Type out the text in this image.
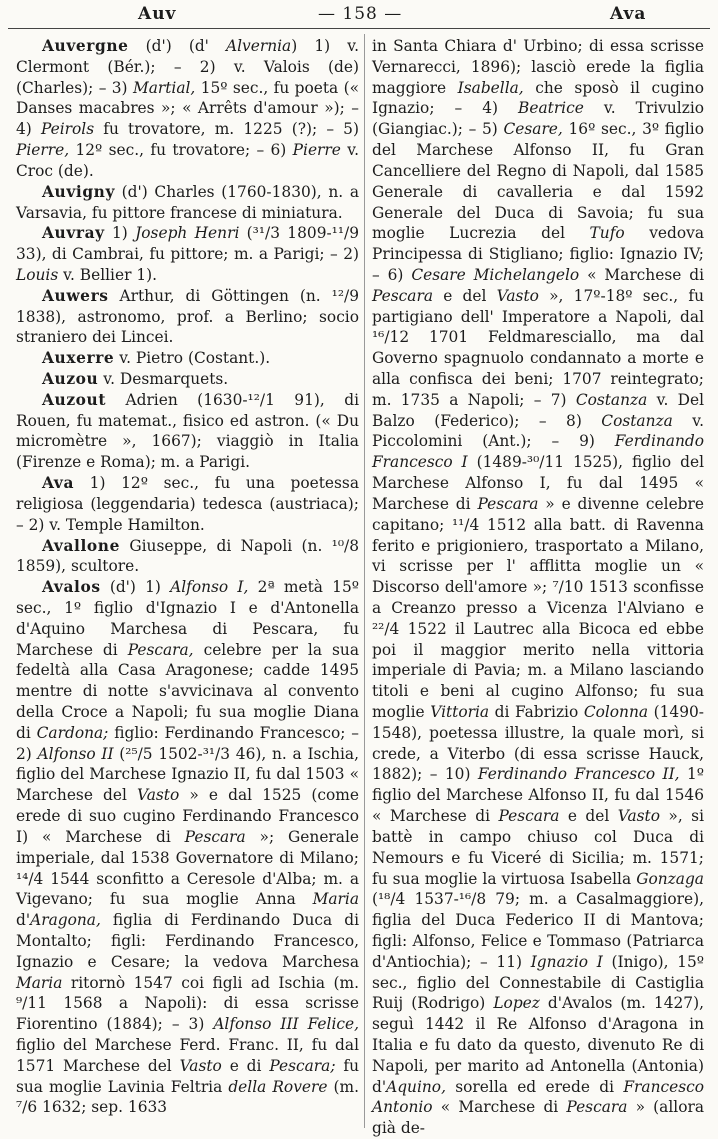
Auv	— 158 —	Ava

Auvergne (d') (d' Alvernia) 1) v. Clermont (Bér.); – 2) v. Valois (de) (Charles); – 3) Martial, 15º sec., fu poeta (« Danses macabres »; « Arrêts d'amour »); – 4) Peirols fu trovatore, m. 1225 (?); – 5) Pierre, 12º sec., fu trovatore; – 6) Pierre v. Croc (de).

Auvigny (d') Charles (1760-1830), n. a Varsavia, fu pittore francese di miniatura.

Auvray 1) Joseph Henri (³¹/3 1809-¹¹/9 33), di Cambrai, fu pittore; m. a Parigi; – 2) Louis v. Bellier 1).

Auwers Arthur, di Göttingen (n. ¹²/9 1838), astronomo, prof. a Berlino; socio straniero dei Lincei.

Auxerre v. Pietro (Costant.).

Auzou v. Desmarquets.

Auzout Adrien (1630-¹²/1 91), di Rouen, fu matemat., fisico ed astron. (« Du micromètre », 1667); viaggiò in Italia (Firenze e Roma); m. a Parigi.

Ava 1) 12º sec., fu una poetessa religiosa (leggendaria) tedesca (austriaca); – 2) v. Temple Hamilton.

Avallone Giuseppe, di Napoli (n. ¹⁰/8 1859), scultore.

Avalos (d') 1) Alfonso I, 2ª metà 15º sec., 1º figlio d'Ignazio I e d'Antonella d'Aquino Marchesa di Pescara, fu Marchese di Pescara, celebre per la sua fedeltà alla Casa Aragonese; cadde 1495 mentre di notte s'avvicinava al convento della Croce a Napoli; fu sua moglie Diana di Cardona; figlio: Ferdinando Francesco; – 2) Alfonso II (²⁵/5 1502-³¹/3 46), n. a Ischia, figlio del Marchese Ignazio II, fu dal 1503 « Marchese del Vasto » e dal 1525 (come erede di suo cugino Ferdinando Francesco I) « Marchese di Pescara »; Generale imperiale, dal 1538 Governatore di Milano; ¹⁴/4 1544 sconfitto a Ceresole d'Alba; m. a Vigevano; fu sua moglie Anna Maria d'Aragona, figlia di Ferdinando Duca di Montalto; figli: Ferdinando Francesco, Ignazio e Cesare; la vedova Marchesa Maria ritornò 1547 coi figli ad Ischia (m. ⁹/11 1568 a Napoli): di essa scrisse Fiorentino (1884); – 3) Alfonso III Felice, figlio del Marchese Ferd. Franc. II, fu dal 1571 Marchese del Vasto e di Pescara; fu sua moglie Lavinia Feltria della Rovere (m. ⁷/6 1632; sep. 1633

in Santa Chiara d' Urbino; di essa scrisse Vernarecci, 1896); lasciò erede la figlia maggiore Isabella, che sposò il cugino Ignazio; – 4) Beatrice v. Trivulzio (Giangiac.); – 5) Cesare, 16º sec., 3º figlio del Marchese Alfonso II, fu Gran Cancelliere del Regno di Napoli, dal 1585 Generale di cavalleria e dal 1592 Generale del Duca di Savoia; fu sua moglie Lucrezia del Tufo vedova Principessa di Stigliano; figlio: Ignazio IV; – 6) Cesare Michelangelo « Marchese di Pescara e del Vasto », 17º-18º sec., fu partigiano dell' Imperatore a Napoli, dal ¹⁶/12 1701 Feldmaresciallo, ma dal Governo spagnuolo condannato a morte e alla confisca dei beni; 1707 reintegrato; m. 1735 a Napoli; – 7) Costanza v. Del Balzo (Federico); – 8) Costanza v. Piccolomini (Ant.); – 9) Ferdinando Francesco I (1489-³⁰/11 1525), figlio del Marchese Alfonso I, fu dal 1495 « Marchese di Pescara » e divenne celebre capitano; ¹¹/4 1512 alla batt. di Ravenna ferito e prigioniero, trasportato a Milano, vi scrisse per l' afflitta moglie un « Discorso dell'amore »; ⁷/10 1513 sconfisse a Creanzo presso a Vicenza l'Alviano e ²²/4 1522 il Lautrec alla Bicoca ed ebbe poi il maggior merito nella vittoria imperiale di Pavia; m. a Milano lasciando titoli e beni al cugino Alfonso; fu sua moglie Vittoria di Fabrizio Colonna (1490-1548), poetessa illustre, la quale morì, si crede, a Viterbo (di essa scrisse Hauck, 1882); – 10) Ferdinando Francesco II, 1º figlio del Marchese Alfonso II, fu dal 1546 « Marchese di Pescara e del Vasto », si battè in campo chiuso col Duca di Nemours e fu Viceré di Sicilia; m. 1571; fu sua moglie la virtuosa Isabella Gonzaga (¹⁸/4 1537-¹⁶/8 79; m. a Casalmaggiore), figlia del Duca Federico II di Mantova; figli: Alfonso, Felice e Tommaso (Patriarca d'Antiochia); – 11) Ignazio I (Inigo), 15º sec., figlio del Connestabile di Castiglia Ruij (Rodrigo) Lopez d'Avalos (m. 1427), seguì 1442 il Re Alfonso d'Aragona in Italia e fu dato da questo, divenuto Re di Napoli, per marito ad Antonella (Antonia) d'Aquino, sorella ed erede di Francesco Antonio « Marchese di Pescara » (allora già de-
